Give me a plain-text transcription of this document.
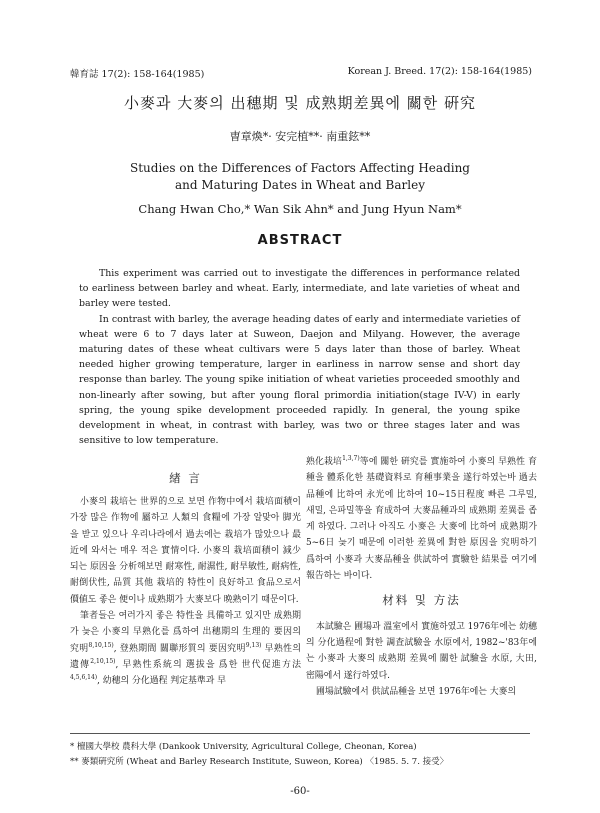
韓育誌 17(2): 158-164(1985)	Korean J. Breed. 17(2): 158-164(1985)
小麥과 大麥의 出穗期 및 成熟期差異에 關한 硏究
曺章煥*· 安完植**· 南重鉉**
Studies on the Differences of Factors Affecting Heading
and Maturing Dates in Wheat and Barley
Chang Hwan Cho,* Wan Sik Ahn* and Jung Hyun Nam*
ABSTRACT

This experiment was carried out to investigate the differences in performance related to earliness between barley and wheat. Early, intermediate, and late varieties of wheat and barley were tested.

In contrast with barley, the average heading dates of early and intermediate varieties of wheat were 6 to 7 days later at Suweon, Daejon and Milyang. However, the average maturing dates of these wheat cultivars were 5 days later than those of barley. Wheat needed higher growing temperature, larger in earliness in narrow sense and short day response than barley. The young spike initiation of wheat varieties proceeded smoothly and non-linearly after sowing, but after young floral primordia initiation(stage IV-V) in early spring, the young spike development proceeded rapidly. In general, the young spike development in wheat, in contrast with barley, was two or three stages later and was sensitive to low temperature.

緖 言

小麥의 栽培는 世界的으로 보면 作物中에서 栽培面積이 가장 많은 作物에 屬하고 人類의 食糧에 가장 알맞아 脚光을 받고 있으나 우리나라에서 過去에는 栽培가 많았으나 最近에 와서는 매우 적은 實情이다. 小麥의 栽培面積이 減少되는 原因을 分析해보면 耐寒性, 耐濕性, 耐旱敏性, 耐病性, 耐倒伏性, 品質 其他 栽培的 特性이 良好하고 食品으로서 價値도 좋은 便이나 成熟期가 大麥보다 晩熟이기 때문이다.

筆者들은 여러가지 좋은 特性을 具備하고 있지만 成熟期가 늦은 小麥의 早熟化를 爲하여 出穗期의 生理的 要因의 究明$^{8,10,15)}$, 登熟期間 關聯形質의 要因究明$^{9,13)}$ 早熟性의 遺傳$^{2,10,15)}$, 早熟性系統의 選拔을 爲한 世代促進方法$^{4,5,6,14)}$, 幼穗의 分化過程 判定基準과 早

熟化栽培$^{1,3,7)}$等에 關한 硏究를 實施하여 小麥의 早熟性 育種을 體系化한 基礎資料로 育種事業을 遂行하였는바 過去品種에 比하여 永光에 比하여 10~15日程度 빠른 그루밀, 새밀, 은파밀等을 育成하여 大麥品種과의 成熟期 差異를 좁게 하였다. 그러나 아직도 小麥은 大麥에 比하여 成熟期가 5~6日 늦기 때문에 이러한 差異에 對한 原因을 究明하기 爲하여 小麥과 大麥品種을 供試하여 實驗한 結果를 여기에 報告하는 바이다.

材料 및 方法

本試驗은 圃場과 溫室에서 實施하였고 1976年에는 幼穗의 分化過程에 對한 調査試驗을 水原에서, 1982~'83年에는 小麥과 大麥의 成熟期 差異에 關한 試驗을 水原, 大田, 密陽에서 遂行하였다.

圃場試驗에서 供試品種을 보면 1976年에는 大麥의

* 檀國大學校 農科大學 (Dankook University, Agricultural College, Cheonan, Korea)
** 麥類硏究所 (Wheat and Barley Research Institute, Suweon, Korea) 〈1985. 5. 7. 接受〉
-60-
